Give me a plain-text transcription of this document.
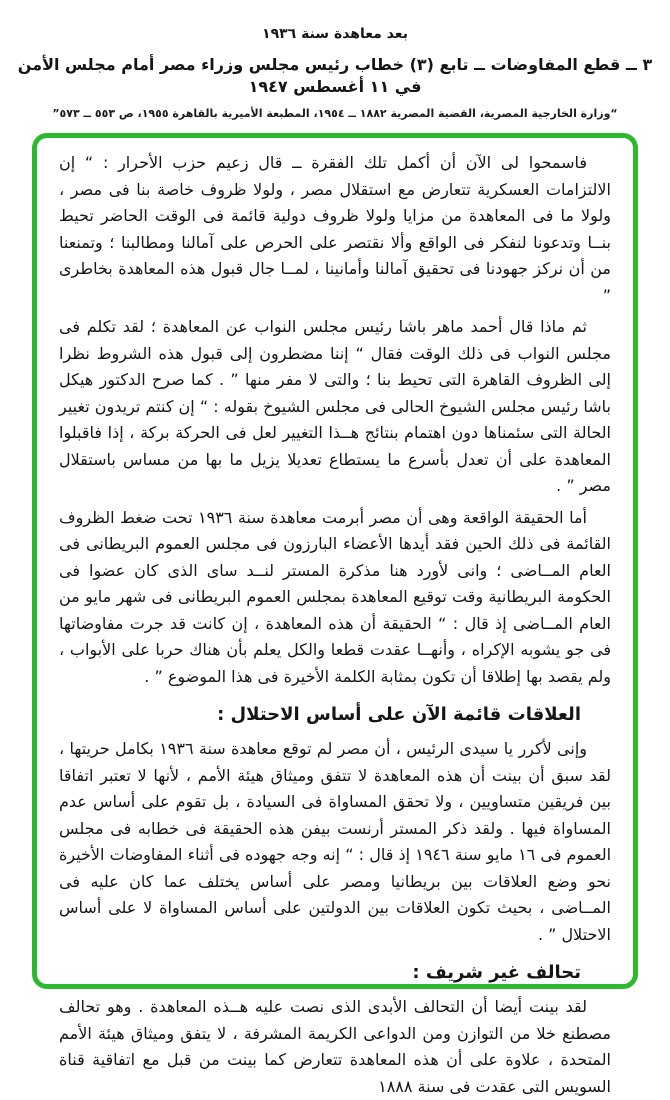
بعد معاهدة سنة ١٩٣٦
٣ ــ قطع المفاوضات ــ تابع (٣) خطاب رئيس مجلس وزراء مصر أمام مجلس الأمن في ١١ أغسطس ١٩٤٧
“وزارة الخارجية المصرية، القضية المصرية ١٨٨٢ ــ ١٩٥٤، المطبعة الأميرية بالقاهرة ١٩٥٥، ص ٥٥٣ ــ ٥٧٣”

فاسمحوا لى الآن أن أكمل تلك الفقرة ــ قال زعيم حزب الأحرار : “ إن الالتزامات العسكرية تتعارض مع استقلال مصر ، ولولا ظروف خاصة بنا فى مصر ، ولولا ما فى المعاهدة من مزايا ولولا ظروف دولية قائمة فى الوقت الحاضر تحيط بنــا وتدعونا لنفكر فى الواقع وألا نقتصر على الحرص على آمالنا ومطالبنا ؛ وتمنعنا من أن نركز جهودنا فى تحقيق آمالنا وأمانينا ، لمــا جال قبول هذه المعاهدة بخاطرى ”

ثم ماذا قال أحمد ماهر باشا رئيس مجلس النواب عن المعاهدة ؛ لقد تكلم فى مجلس النواب فى ذلك الوقت فقال “ إننا مضطرون إلى قبول هذه الشروط نظرا إلى الظروف القاهرة التى تحيط بنا ؛ والتى لا مفر منها ” . كما صرح الدكتور هيكل باشا رئيس مجلس الشيوخ الحالى فى مجلس الشيوخ بقوله : “ إن كنتم تريدون تغيير الحالة التى سئمناها دون اهتمام بنتائج هــذا التغيير لعل فى الحركة بركة ، إذا فاقبلوا المعاهدة على أن تعدل بأسرع ما يستطاع تعديلا يزيل ما بها من مساس باستقلال مصر ” .

أما الحقيقة الواقعة وهى أن مصر أبرمت معاهدة سنة ١٩٣٦ تحت ضغط الظروف القائمة فى ذلك الحين فقد أيدها الأعضاء البارزون فى مجلس العموم البريطانى فى العام المــاضى ؛ وانى لأورد هنا مذكرة المستر لنــد ساى الذى كان عضوا فى الحكومة البريطانية وقت توقيع المعاهدة بمجلس العموم البريطانى فى شهر مايو من العام المــاضى إذ قال : “ الحقيقة أن هذه المعاهدة ، إن كانت قد جرت مفاوضاتها فى جو يشوبه الإكراه ، وأنهــا عقدت قطعا والكل يعلم بأن هناك حربا على الأبواب ، ولم يقصد بها إطلاقا أن تكون بمثابة الكلمة الأخيرة فى هذا الموضوع ” .

العلاقات قائمة الآن على أساس الاحتلال :

وإنى لأكرر يا سيدى الرئيس ، أن مصر لم توقع معاهدة سنة ١٩٣٦ بكامل حريتها ، لقد سبق أن بينت أن هذه المعاهدة لا تتفق وميثاق هيئة الأمم ، لأنها لا تعتبر اتفاقا بين فريقين متساويين ، ولا تحقق المساواة فى السيادة ، بل تقوم على أساس عدم المساواة فيها . ولقد ذكر المستر أرنست بيفن هذه الحقيقة فى خطابه فى مجلس العموم فى ١٦ مايو سنة ١٩٤٦ إذ قال : “ إنه وجه جهوده فى أثناء المفاوضات الأخيرة نحو وضع العلاقات بين بريطانيا ومصر على أساس يختلف عما كان عليه فى المــاضى ، بحيث تكون العلاقات بين الدولتين على أساس المساواة لا على أساس الاحتلال ” .

تحالف غير شريف :

لقد بينت أيضا أن التحالف الأبدى الذى نصت عليه هــذه المعاهدة . وهو تحالف مصطنع خلا من التوازن ومن الدواعى الكريمة المشرفة ، لا يتفق وميثاق هيئة الأمم المتحدة ، علاوة على أن هذه المعاهدة تتعارض كما بينت من قبل مع اتفاقية قناة السويس التى عقدت فى سنة ١٨٨٨
